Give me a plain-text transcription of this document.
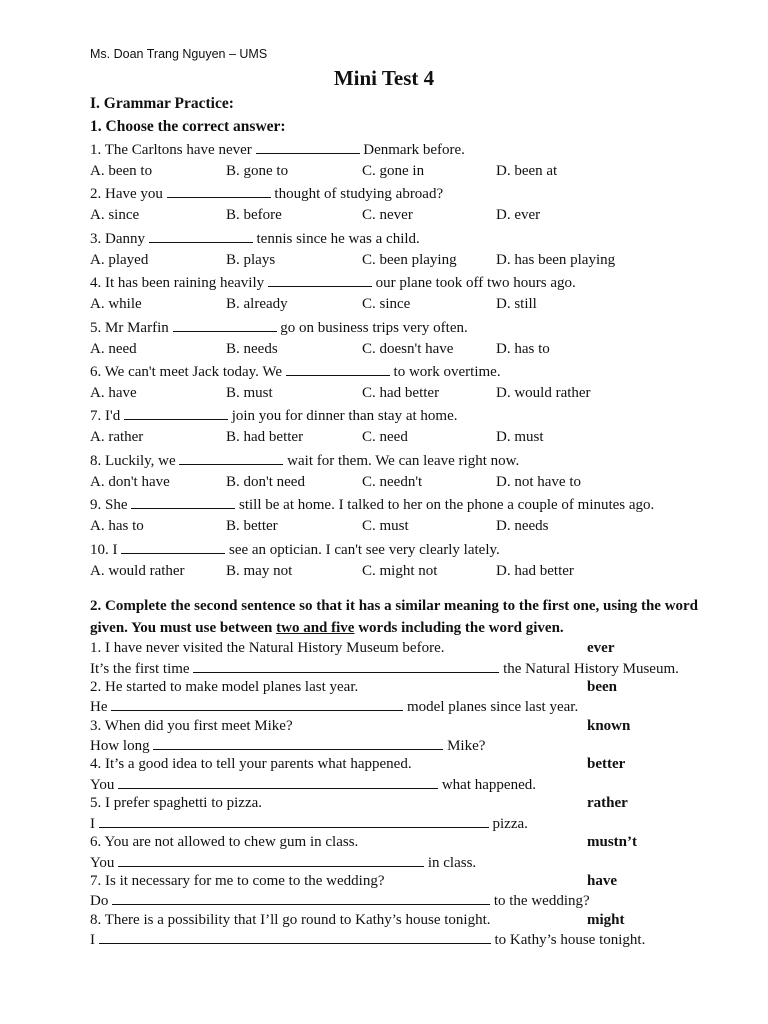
Ms. Doan Trang Nguyen – UMS
Mini Test 4
I. Grammar Practice:
1. Choose the correct answer:
1. The Carltons have never	Denmark before.
A. been to	B. gone to	C. gone in	D. been at
2. Have you	thought of studying abroad?
A. since	B. before	C. never	D. ever
3. Danny	tennis since he was a child.
A. played	B. plays	C. been playing	D. has been playing
4. It has been raining heavily	our plane took off two hours ago.
A. while	B. already	C. since	D. still
5. Mr Marfin	go on business trips very often.
A. need	B. needs	C. doesn't have	D. has to
6. We can't meet Jack today. We	to work overtime.
A. have	B. must	C. had better	D. would rather
7. I'd	join you for dinner than stay at home.
A. rather	B. had better	C. need	D. must
8. Luckily, we	wait for them. We can leave right now.
A. don't have	B. don't need	C. needn't	D. not have to
9. She	still be at home. I talked to her on the phone a couple of minutes ago.
A. has to	B. better	C. must	D. needs
10. I	see an optician. I can't see very clearly lately.
A. would rather	B. may not	C. might not	D. had better
2. Complete the second sentence so that it has a similar meaning to the first one, using the word given. You must use between two and five words including the word given.
1. I have never visited the Natural History Museum before.	ever
It’s the first time	the Natural History Museum.
2. He started to make model planes last year.	been
He	model planes since last year.
3. When did you first meet Mike?	known
How long	Mike?
4. It’s a good idea to tell your parents what happened.	better
You	what happened.
5. I prefer spaghetti to pizza.	rather
I	pizza.
6. You are not allowed to chew gum in class.	mustn’t
You	in class.
7. Is it necessary for me to come to the wedding?	have
Do	to the wedding?
8. There is a possibility that I’ll go round to Kathy’s house tonight.	might
I	to Kathy’s house tonight.
